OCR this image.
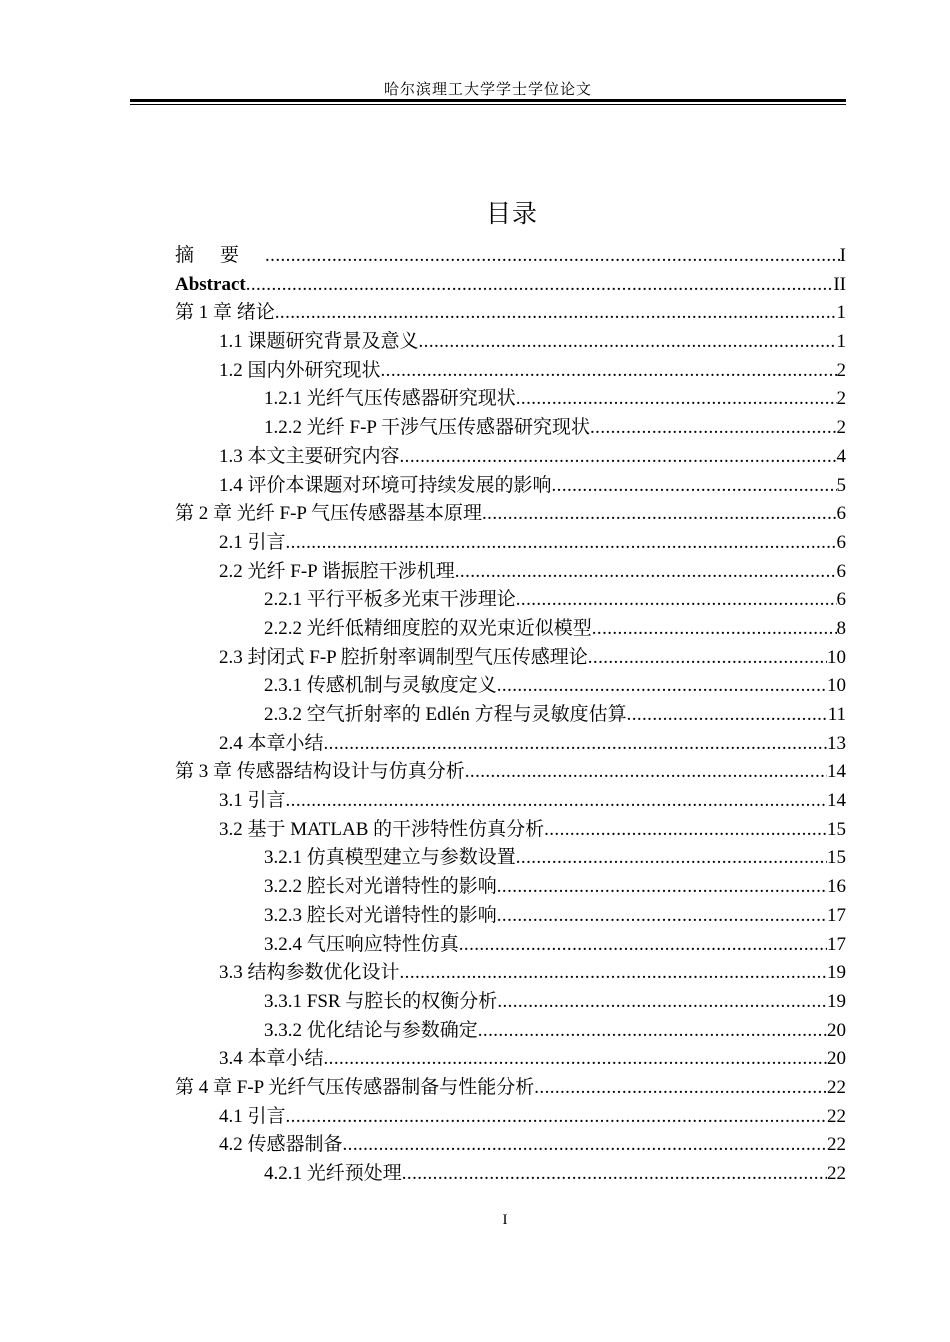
哈尔滨理工大学学士学位论文
目录
摘要 .....	I
Abstract .....	II
第 1 章 绪论 .....	1
1.1 课题研究背景及意义 .....	1
1.2 国内外研究现状 .....	2
1.2.1 光纤气压传感器研究现状 .....	2
1.2.2 光纤 F-P 干涉气压传感器研究现状 .....	2
1.3 本文主要研究内容 .....	4
1.4 评价本课题对环境可持续发展的影响 .....	5
第 2 章 光纤 F-P 气压传感器基本原理 .....	6
2.1 引言 .....	6
2.2 光纤 F-P 谐振腔干涉机理 .....	6
2.2.1 平行平板多光束干涉理论 .....	6
2.2.2 光纤低精细度腔的双光束近似模型 .....	8
2.3 封闭式 F-P 腔折射率调制型气压传感理论 .....	10
2.3.1 传感机制与灵敏度定义 .....	10
2.3.2 空气折射率的 Edlén 方程与灵敏度估算 .....	11
2.4 本章小结 .....	13
第 3 章 传感器结构设计与仿真分析 .....	14
3.1 引言 .....	14
3.2 基于 MATLAB 的干涉特性仿真分析 .....	15
3.2.1 仿真模型建立与参数设置 .....	15
3.2.2 腔长对光谱特性的影响 .....	16
3.2.3 腔长对光谱特性的影响 .....	17
3.2.4 气压响应特性仿真 .....	17
3.3 结构参数优化设计 .....	19
3.3.1 FSR 与腔长的权衡分析 .....	19
3.3.2 优化结论与参数确定 .....	20
3.4 本章小结 .....	20
第 4 章 F-P 光纤气压传感器制备与性能分析 .....	22
4.1 引言 .....	22
4.2 传感器制备 .....	22
4.2.1 光纤预处理 .....	22
I
